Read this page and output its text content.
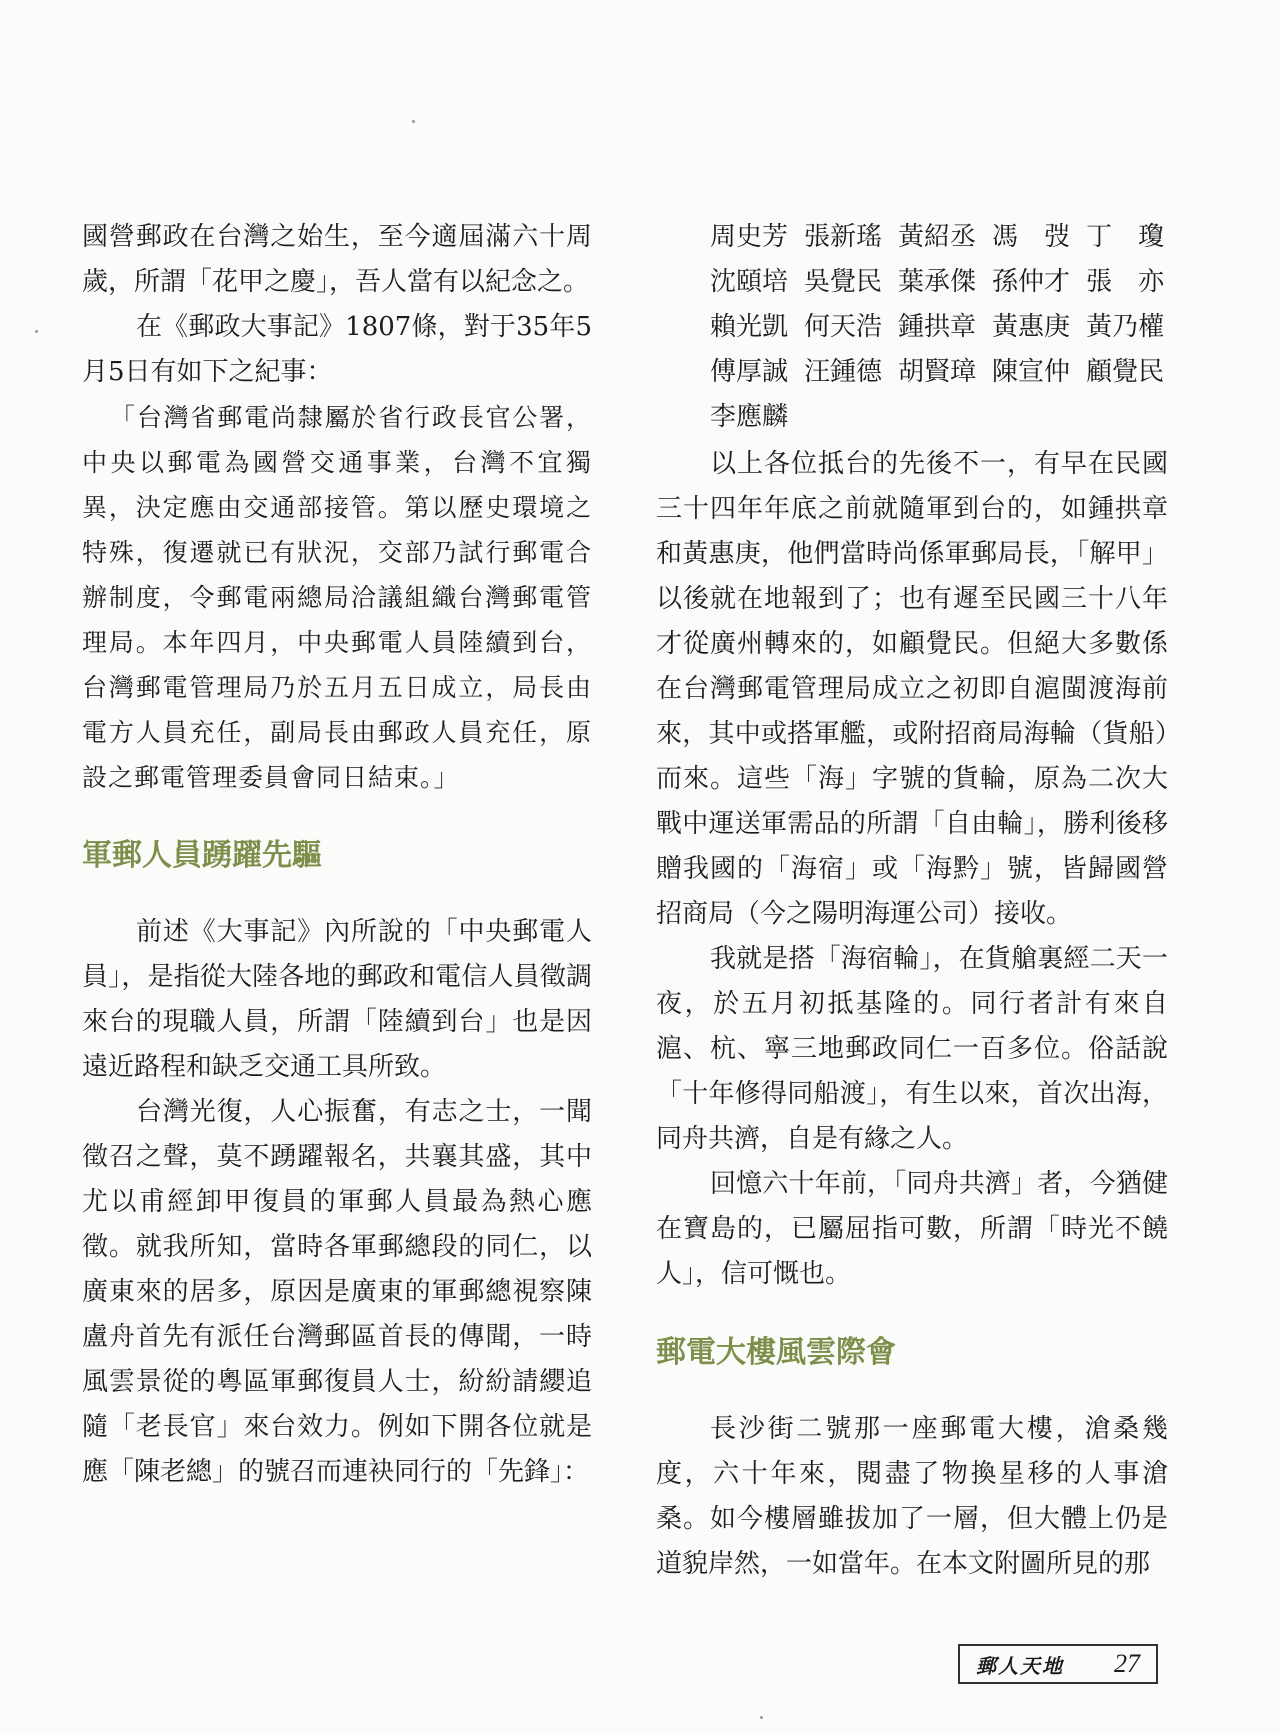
國營郵政在台灣之始生，至今適屆滿六十周歲，所謂「花甲之慶」，吾人當有以紀念之。

在《郵政大事記》1807條，對于35年5月5日有如下之紀事：

「台灣省郵電尚隸屬於省行政長官公署，中央以郵電為國營交通事業，台灣不宜獨異，決定應由交通部接管。第以歷史環境之特殊，復遷就已有狀況，交部乃試行郵電合辦制度，令郵電兩總局洽議組織台灣郵電管理局。本年四月，中央郵電人員陸續到台，台灣郵電管理局乃於五月五日成立，局長由電方人員充任，副局長由郵政人員充任，原設之郵電管理委員會同日結束。」

軍郵人員踴躍先驅

前述《大事記》內所說的「中央郵電人員」，是指從大陸各地的郵政和電信人員徵調來台的現職人員，所謂「陸續到台」也是因遠近路程和缺乏交通工具所致。

台灣光復，人心振奮，有志之士，一聞徵召之聲，莫不踴躍報名，共襄其盛，其中尤以甫經卸甲復員的軍郵人員最為熱心應徵。就我所知，當時各軍郵總段的同仁，以廣東來的居多，原因是廣東的軍郵總視察陳盧舟首先有派任台灣郵區首長的傳聞，一時風雲景從的粵區軍郵復員人士，紛紛請纓追隨「老長官」來台效力。例如下開各位就是應「陳老總」的號召而連袂同行的「先鋒」：

周史芳 張新瑤 黃紹丞 馮　弢 丁　瓊
沈頤培 吳覺民 葉承傑 孫仲才 張　亦
賴光凱 何天浩 鍾拱章 黃惠庚 黃乃權
傅厚誠 汪鍾德 胡賢璋 陳宣仲 顧覺民
李應麟

以上各位抵台的先後不一，有早在民國三十四年年底之前就隨軍到台的，如鍾拱章和黃惠庚，他們當時尚係軍郵局長，「解甲」以後就在地報到了；也有遲至民國三十八年才從廣州轉來的，如顧覺民。但絕大多數係在台灣郵電管理局成立之初即自滬閩渡海前來，其中或搭軍艦，或附招商局海輪（貨船）而來。這些「海」字號的貨輪，原為二次大戰中運送軍需品的所謂「自由輪」，勝利後移贈我國的「海宿」或「海黔」號，皆歸國營招商局（今之陽明海運公司）接收。

我就是搭「海宿輪」，在貨艙裏經二天一夜，於五月初抵基隆的。同行者計有來自滬、杭、寧三地郵政同仁一百多位。俗話說「十年修得同船渡」，有生以來，首次出海，同舟共濟，自是有緣之人。

回憶六十年前，「同舟共濟」者，今猶健在寶島的，已屬屈指可數，所謂「時光不饒人」，信可慨也。

郵電大樓風雲際會

長沙街二號那一座郵電大樓，滄桑幾度，六十年來，閱盡了物換星移的人事滄桑。如今樓層雖拔加了一層，但大體上仍是道貌岸然，一如當年。在本文附圖所見的那

郵人天地 27
